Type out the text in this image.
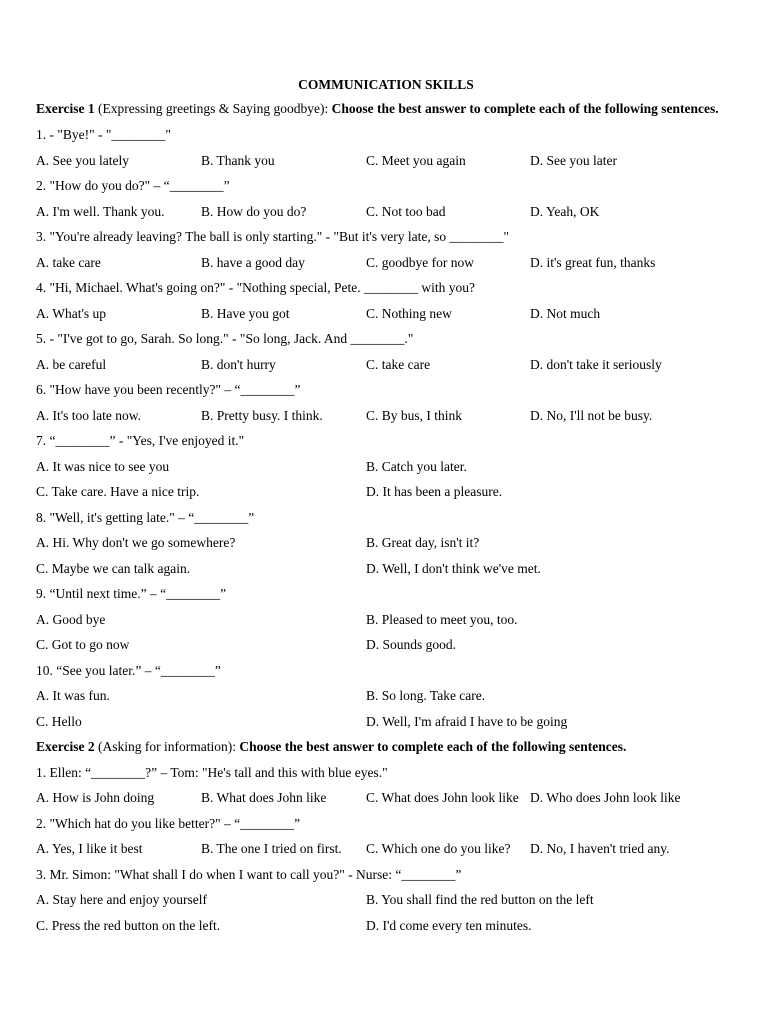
COMMUNICATION SKILLS
Exercise 1 (Expressing greetings & Saying goodbye): Choose the best answer to complete each of the following sentences.
1. - "Bye!" - "________"
A. See you lately	B. Thank you	C. Meet you again	D. See you later
2. "How do you do?" – “________”
A. I'm well. Thank you.	B. How do you do?	C. Not too bad	D. Yeah, OK
3. "You're already leaving? The ball is only starting." - "But it's very late, so ________"
A. take care	B. have a good day	C. goodbye for now	D. it's great fun, thanks
4. "Hi, Michael. What's going on?" - "Nothing special, Pete. ________ with you?
A. What's up	B. Have you got	C. Nothing new	D. Not much
5. - "I've got to go, Sarah. So long." - "So long, Jack. And ________."
A. be careful	B. don't hurry	C. take care	D. don't take it seriously
6. "How have you been recently?" – “________”
A. It's too late now.	B. Pretty busy. I think.	C. By bus, I think	D. No, I'll not be busy.
7. “________” - "Yes, I've enjoyed it."
A. It was nice to see you	B. Catch you later.
C. Take care. Have a nice trip.	D. It has been a pleasure.
8. "Well, it's getting late." – “________”
A. Hi. Why don't we go somewhere?	B. Great day, isn't it?
C. Maybe we can talk again.	D. Well, I don't think we've met.
9. “Until next time.” – “________”
A. Good bye	B. Pleased to meet you, too.
C. Got to go now	D. Sounds good.
10. “See you later.” – “________”
A. It was fun.	B. So long. Take care.
C. Hello	D. Well, I'm afraid I have to be going
Exercise 2 (Asking for information): Choose the best answer to complete each of the following sentences.
1. Ellen: “________?” – Tom: "He's tall and this with blue eyes."
A. How is John doing	B. What does John like	C. What does John look like D. Who does John look like
2. "Which hat do you like better?" – “________”
A. Yes, I like it best	B. The one I tried on first. C. Which one do you like? D. No, I haven't tried any.
3. Mr. Simon: "What shall I do when I want to call you?" - Nurse: “________”
A. Stay here and enjoy yourself	B. You shall find the red button on the left
C. Press the red button on the left.	D. I'd come every ten minutes.
